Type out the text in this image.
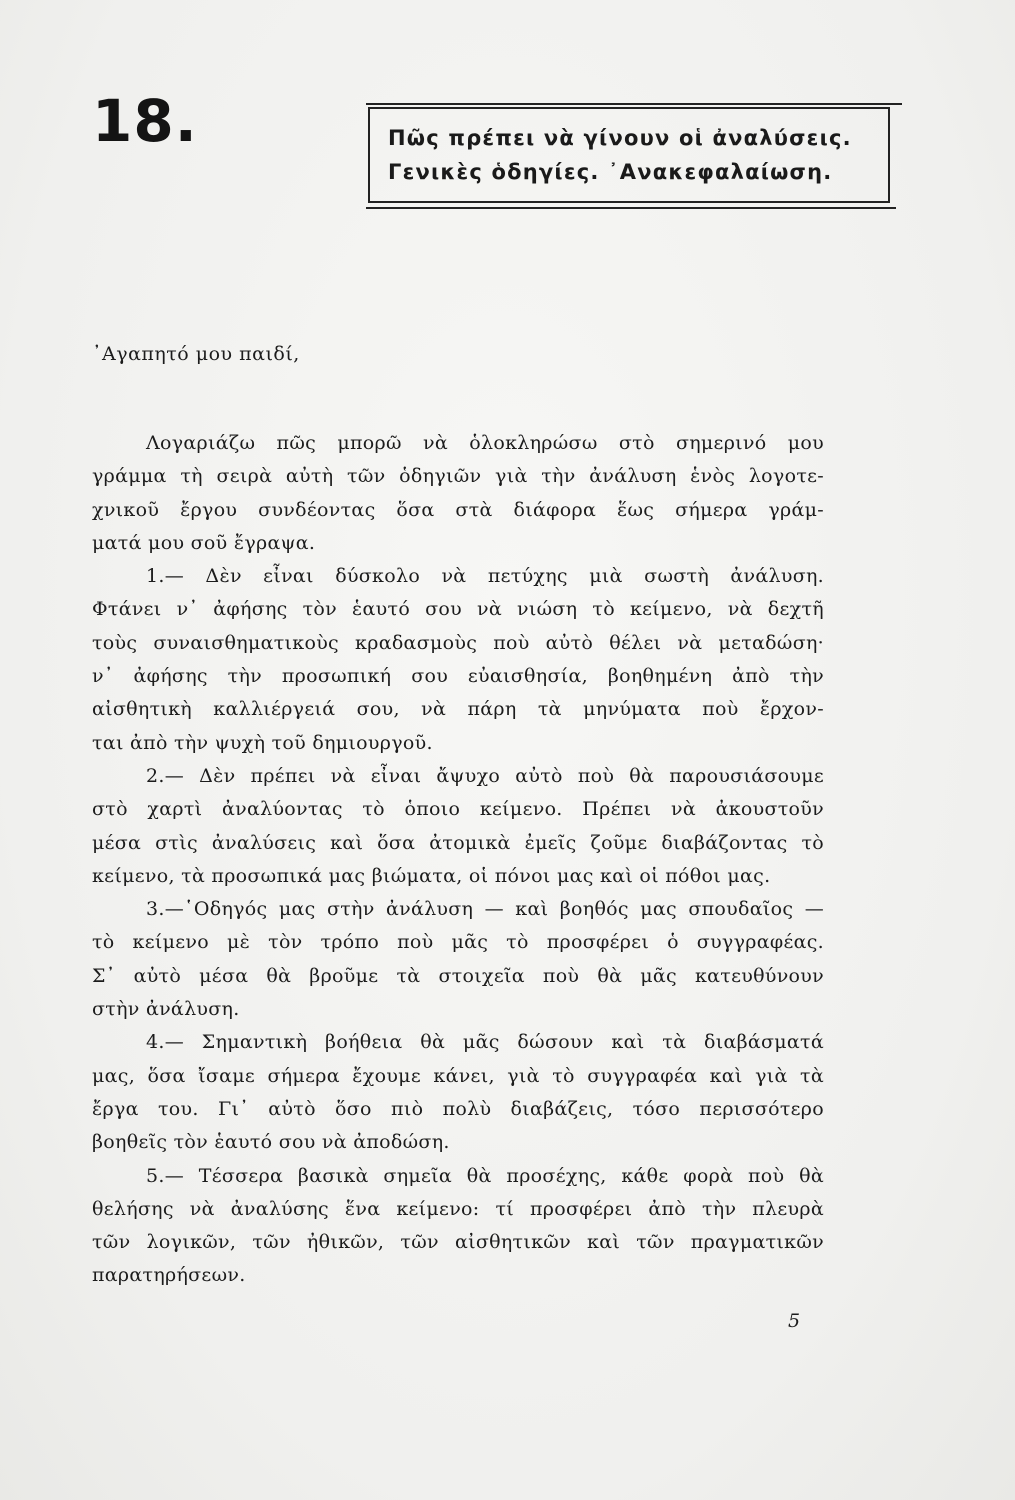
18.	Πῶς πρέπει νὰ γίνουν οἱ ἀναλύσεις.
Γενικὲς ὁδηγίες. ᾽Ανακεφαλαίωση.
᾽Αγαπητό μου παιδί,
Λογαριάζω πῶς μπορῶ νὰ ὁλοκληρώσω στὸ σημερινό μου
γράμμα τὴ σειρὰ αὐτὴ τῶν ὁδηγιῶν γιὰ τὴν ἀνάλυση ἑνὸς λογοτε-
χνικοῦ ἔργου συνδέοντας ὅσα στὰ διάφορα ἕως σήμερα γράμ-
ματά μου σοῦ ἔγραψα.
1.— Δὲν εἶναι δύσκολο νὰ πετύχης μιὰ σωστὴ ἀνάλυση.
Φτάνει ν᾽ ἀφήσης τὸν ἑαυτό σου νὰ νιώση τὸ κείμενο, νὰ δεχτῆ
τοὺς συναισθηματικοὺς κραδασμοὺς ποὺ αὐτὸ θέλει νὰ μεταδώση·
ν᾽ ἀφήσης τὴν προσωπική σου εὐαισθησία, βοηθημένη ἀπὸ τὴν
αἰσθητικὴ καλλιέργειά σου, νὰ πάρη τὰ μηνύματα ποὺ ἔρχον-
ται ἀπὸ τὴν ψυχὴ τοῦ δημιουργοῦ.
2.— Δὲν πρέπει νὰ εἶναι ἄψυχο αὐτὸ ποὺ θὰ παρουσιάσουμε
στὸ χαρτὶ ἀναλύοντας τὸ ὁποιο κείμενο. Πρέπει νὰ ἀκουστοῦν
μέσα στὶς ἀναλύσεις καὶ ὅσα ἀτομικὰ ἐμεῖς ζοῦμε διαβάζοντας τὸ
κείμενο, τὰ προσωπικά μας βιώματα, οἱ πόνοι μας καὶ οἱ πόθοι μας.
3.—῾Οδηγός μας στὴν ἀνάλυση — καὶ βοηθός μας σπουδαῖος —
τὸ κείμενο μὲ τὸν τρόπο ποὺ μᾶς τὸ προσφέρει ὁ συγγραφέας.
Σ᾽ αὐτὸ μέσα θὰ βροῦμε τὰ στοιχεῖα ποὺ θὰ μᾶς κατευθύνουν
στὴν ἀνάλυση.
4.— Σημαντικὴ βοήθεια θὰ μᾶς δώσουν καὶ τὰ διαβάσματά
μας, ὅσα ἴσαμε σήμερα ἔχουμε κάνει, γιὰ τὸ συγγραφέα καὶ γιὰ τὰ
ἔργα του. Γι᾽ αὐτὸ ὅσο πιὸ πολὺ διαβάζεις, τόσο περισσότερο
βοηθεῖς τὸν ἑαυτό σου νὰ ἀποδώση.
5.— Τέσσερα βασικὰ σημεῖα θὰ προσέχης, κάθε φορὰ ποὺ θὰ
θελήσης νὰ ἀναλύσης ἕνα κείμενο: τί προσφέρει ἀπὸ τὴν πλευρὰ
τῶν λογικῶν, τῶν ἠθικῶν, τῶν αἰσθητικῶν καὶ τῶν πραγματικῶν
παρατηρήσεων.
5
